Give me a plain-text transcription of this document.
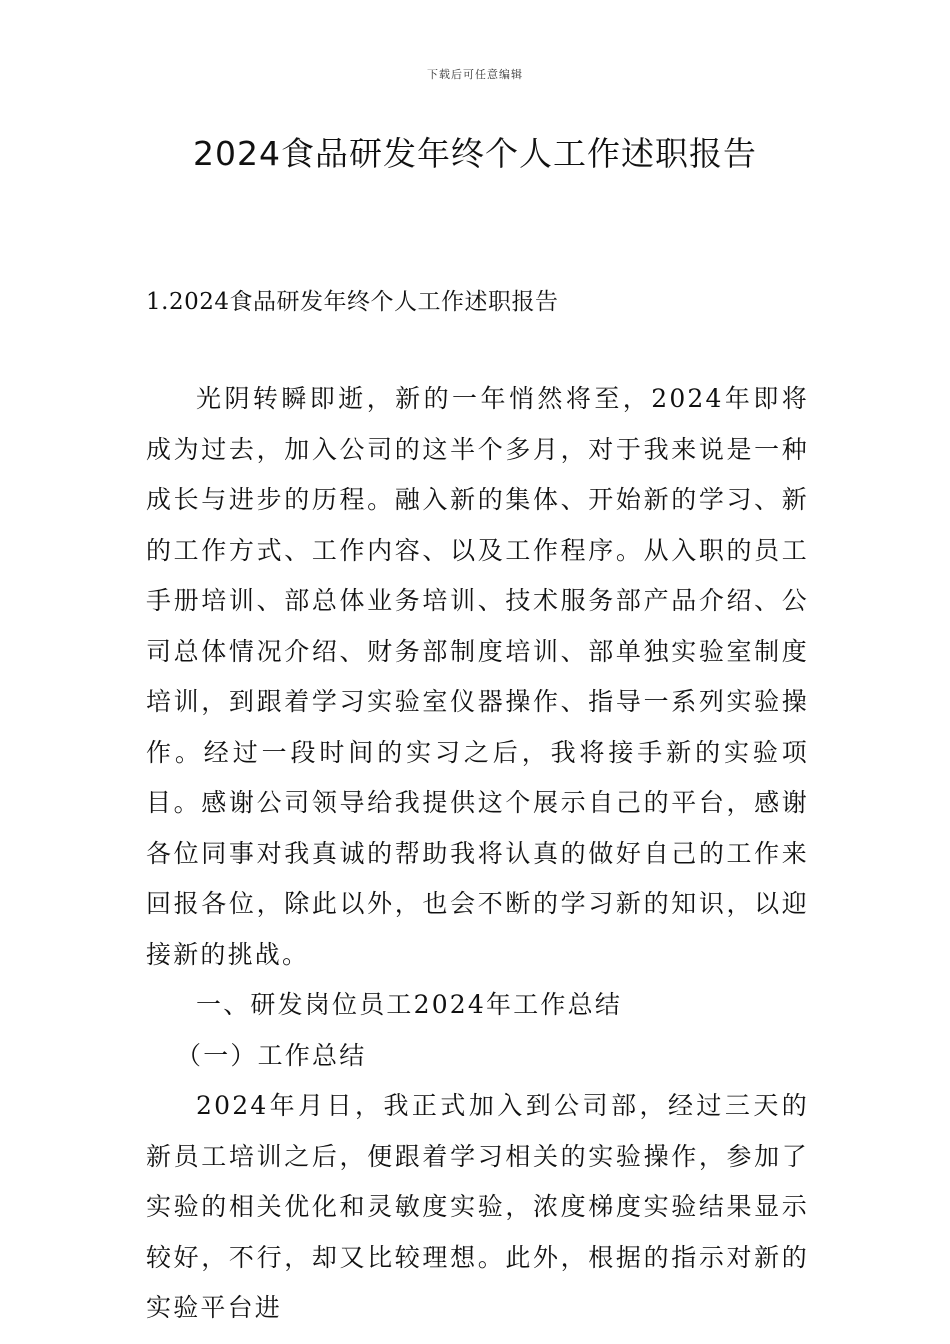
下载后可任意编辑
2024食品研发年终个人工作述职报告
1.2024食品研发年终个人工作述职报告

光阴转瞬即逝，新的一年悄然将至，2024年即将成为过去，加入公司的这半个多月，对于我来说是一种成长与进步的历程。融入新的集体、开始新的学习、新的工作方式、工作内容、以及工作程序。从入职的员工手册培训、部总体业务培训、技术服务部产品介绍、公司总体情况介绍、财务部制度培训、部单独实验室制度培训，到跟着学习实验室仪器操作、指导一系列实验操作。经过一段时间的实习之后，我将接手新的实验项目。感谢公司领导给我提供这个展示自己的平台，感谢各位同事对我真诚的帮助我将认真的做好自己的工作来回报各位，除此以外，也会不断的学习新的知识，以迎接新的挑战。

一、研发岗位员工2024年工作总结

（一）工作总结

2024年月日，我正式加入到公司部，经过三天的新员工培训之后，便跟着学习相关的实验操作，参加了实验的相关优化和灵敏度实验，浓度梯度实验结果显示较好，不行，却又比较理想。此外，根据的指示对新的实验平台进
